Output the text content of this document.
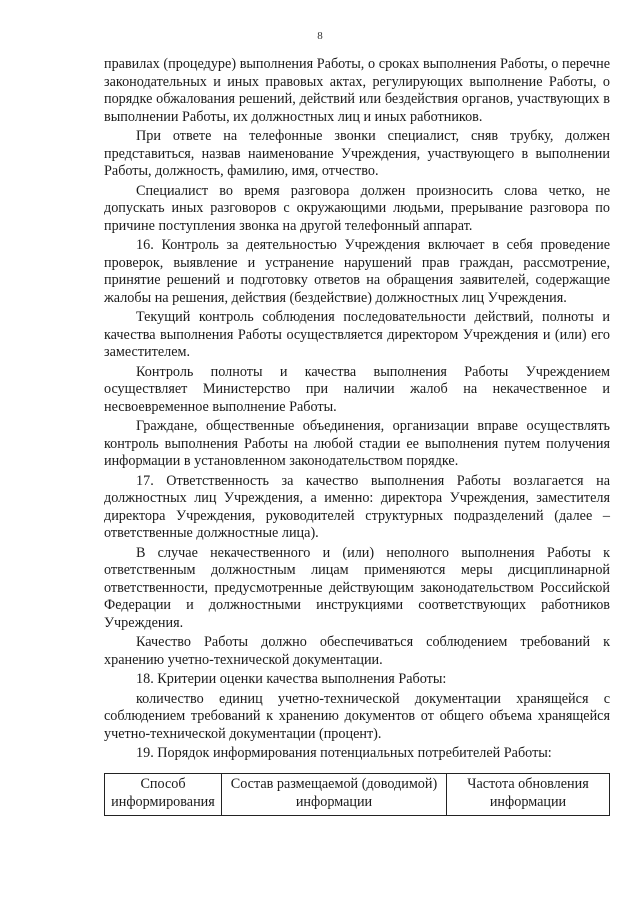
8

правилах (процедуре) выполнения Работы, о сроках выполнения Работы, о перечне законодательных и иных правовых актах, регулирующих выполнение Работы, о порядке обжалования решений, действий или бездействия органов, участвующих в выполнении Работы, их должностных лиц и иных работников.

При ответе на телефонные звонки специалист, сняв трубку, должен представиться, назвав наименование Учреждения, участвующего в выполнении Работы, должность, фамилию, имя, отчество.

Специалист во время разговора должен произносить слова четко, не допускать иных разговоров с окружающими людьми, прерывание разговора по причине поступления звонка на другой телефонный аппарат.

16. Контроль за деятельностью Учреждения включает в себя проведение проверок, выявление и устранение нарушений прав граждан, рассмотрение, принятие решений и подготовку ответов на обращения заявителей, содержащие жалобы на решения, действия (бездействие) должностных лиц Учреждения.

Текущий контроль соблюдения последовательности действий, полноты и качества выполнения Работы осуществляется директором Учреждения и (или) его заместителем.

Контроль полноты и качества выполнения Работы Учреждением осуществляет Министерство при наличии жалоб на некачественное и несвоевременное выполнение Работы.

Граждане, общественные объединения, организации вправе осуществлять контроль выполнения Работы на любой стадии ее выполнения путем получения информации в установленном законодательством порядке.

17. Ответственность за качество выполнения Работы возлагается на должностных лиц Учреждения, а именно: директора Учреждения, заместителя директора Учреждения, руководителей структурных подразделений (далее – ответственные должностные лица).

В случае некачественного и (или) неполного выполнения Работы к ответственным должностным лицам применяются меры дисциплинарной ответственности, предусмотренные действующим законодательством Российской Федерации и должностными инструкциями соответствующих работников Учреждения.

Качество Работы должно обеспечиваться соблюдением требований к хранению учетно-технической документации.

18. Критерии оценки качества выполнения Работы:

количество единиц учетно-технической документации хранящейся с соблюдением требований к хранению документов от общего объема хранящейся учетно-технической документации (процент).

19. Порядок информирования потенциальных потребителей Работы:

Способ информирования	Состав размещаемой (доводимой) информации	Частота обновления информации
